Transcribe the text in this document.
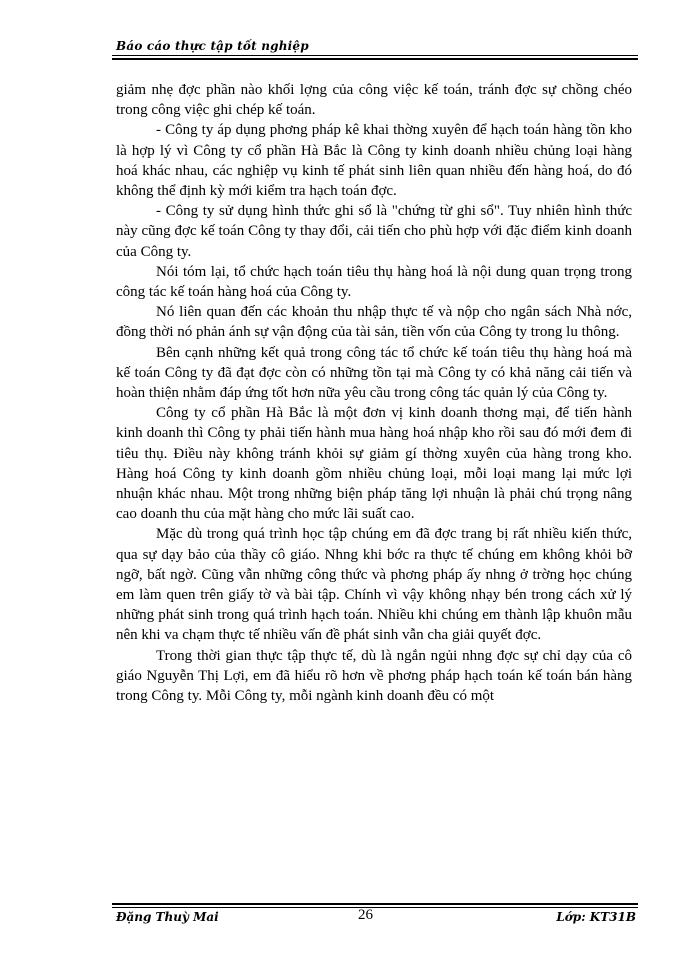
Báo cáo thực tập tốt nghiệp

giảm nhẹ đợc phần nào khối lợng của công việc kế toán, tránh đợc sự chồng chéo trong công việc ghi chép kế toán.

- Công ty áp dụng phơng pháp kê khai thờng xuyên để hạch toán hàng tồn kho là hợp lý vì Công ty cổ phần Hà Bắc là Công ty kinh doanh nhiều chủng loại hàng hoá khác nhau, các nghiệp vụ kinh tế phát sinh liên quan nhiều đến hàng hoá, do đó không thể định kỳ mới kiểm tra hạch toán đợc.

- Công ty sử dụng hình thức ghi sổ là "chứng từ ghi sổ". Tuy nhiên hình thức này cũng đợc kế toán Công ty thay đổi, cải tiến cho phù hợp với đặc điểm kinh doanh của Công ty.

Nói tóm lại, tổ chức hạch toán tiêu thụ hàng hoá là nội dung quan trọng trong công tác kế toán hàng hoá của Công ty.

Nó liên quan đến các khoản thu nhập thực tế và nộp cho ngân sách Nhà nớc, đồng thời nó phản ánh sự vận động của tài sản, tiền vốn của Công ty trong lu thông.

Bên cạnh những kết quả trong công tác tổ chức kế toán tiêu thụ hàng hoá mà kế toán Công ty đã đạt đợc còn có những tồn tại mà Công ty có khả năng cải tiến và hoàn thiện nhằm đáp ứng tốt hơn nữa yêu cầu trong công tác quản lý của Công ty.

Công ty cổ phần Hà Bắc là một đơn vị kinh doanh thơng mại, để tiến hành kinh doanh thì Công ty phải tiến hành mua hàng hoá nhập kho rồi sau đó mới đem đi tiêu thụ. Điều này không tránh khỏi sự giảm gí thờng xuyên của hàng trong kho. Hàng hoá Công ty kinh doanh gồm nhiều chủng loại, mỗi loại mang lại mức lợi nhuận khác nhau. Một trong những biện pháp tăng lợi nhuận là phải chú trọng nâng cao doanh thu của mặt hàng cho mức lãi suất cao.

Mặc dù trong quá trình học tập chúng em đã đợc trang bị rất nhiều kiến thức, qua sự dạy bảo của thầy cô giáo. Nhng khi bớc ra thực tế chúng em không khỏi bỡ ngỡ, bất ngờ. Cũng vẫn những công thức và phơng pháp ấy nhng ở trờng học chúng em làm quen trên giấy tờ và bài tập. Chính vì vậy không nhạy bén trong cách xử lý những phát sinh trong quá trình hạch toán. Nhiều khi chúng em thành lập khuôn mẫu nên khi va chạm thực tế nhiều vấn đề phát sinh vẫn cha giải quyết đợc.

Trong thời gian thực tập thực tế, dù là ngắn ngủi nhng đợc sự chỉ dạy của cô giáo Nguyễn Thị Lợi, em đã hiểu rõ hơn về phơng pháp hạch toán kế toán bán hàng trong Công ty. Mỗi Công ty, mỗi ngành kinh doanh đều có một

Đặng Thuỳ Mai	26	Lớp: KT31B
